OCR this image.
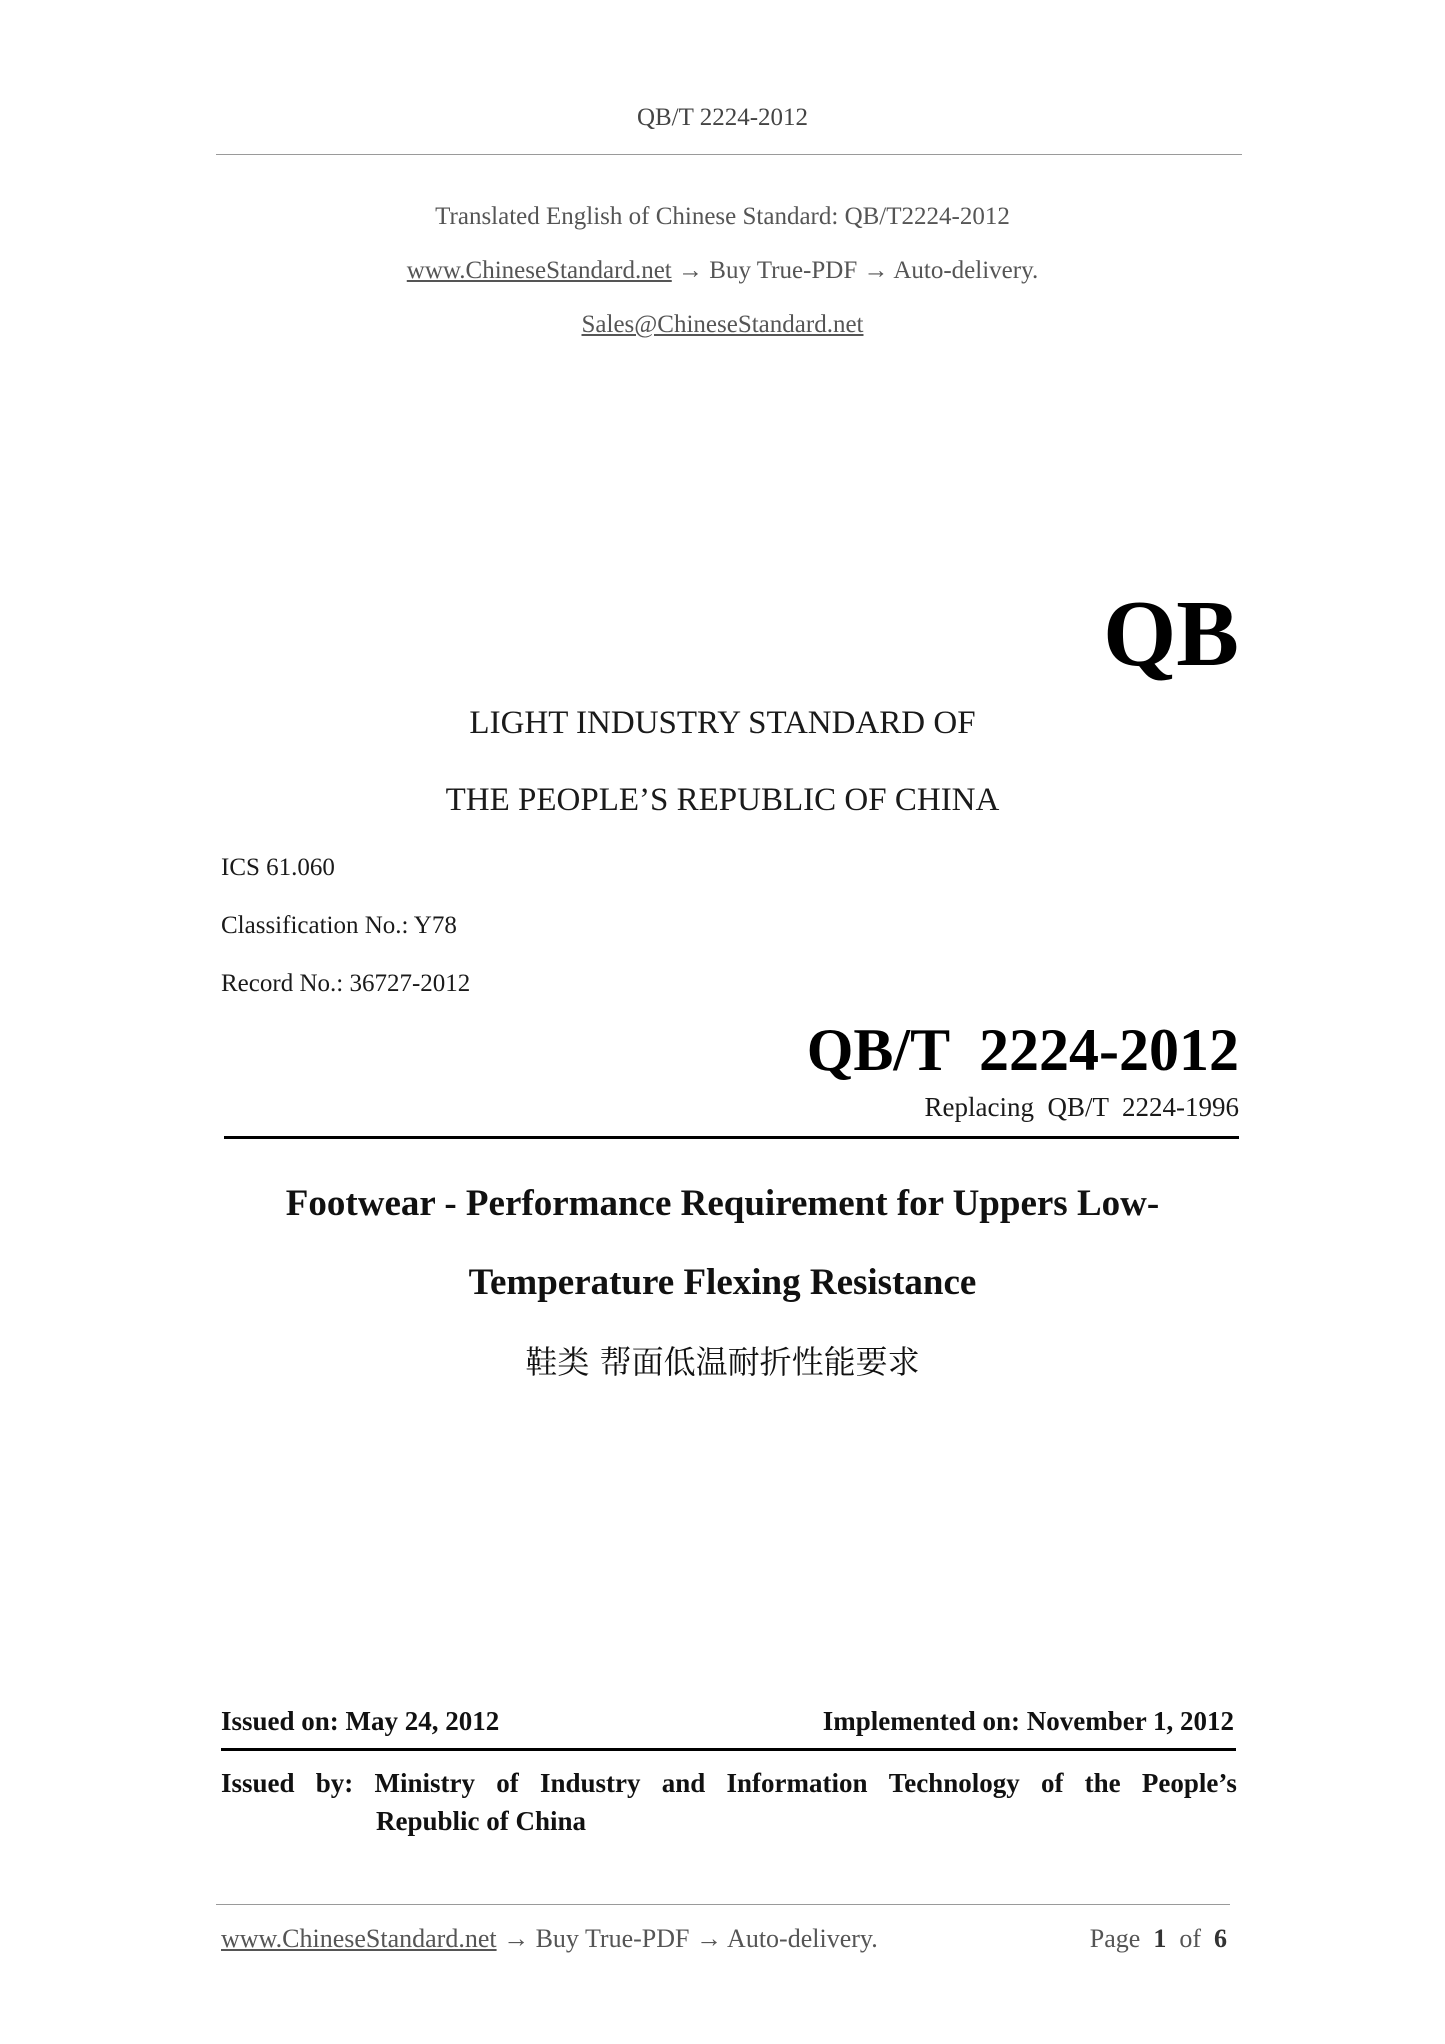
QB/T 2224-2012
Translated English of Chinese Standard: QB/T2224-2012
www.ChineseStandard.net → Buy True-PDF → Auto-delivery.
Sales@ChineseStandard.net
QB
LIGHT INDUSTRY STANDARD OF
THE PEOPLE’S REPUBLIC OF CHINA
ICS 61.060
Classification No.: Y78
Record No.: 36727-2012
QB/T  2224-2012
Replacing  QB/T  2224-1996
Footwear - Performance Requirement for Uppers Low-
Temperature Flexing Resistance
鞋类 帮面低温耐折性能要求
Issued on: May 24, 2012	Implemented on: November 1, 2012
Issued by: Ministry of Industry and Information Technology of the People’s
Republic of China
www.ChineseStandard.net → Buy True-PDF → Auto-delivery.	Page 1 of 6
